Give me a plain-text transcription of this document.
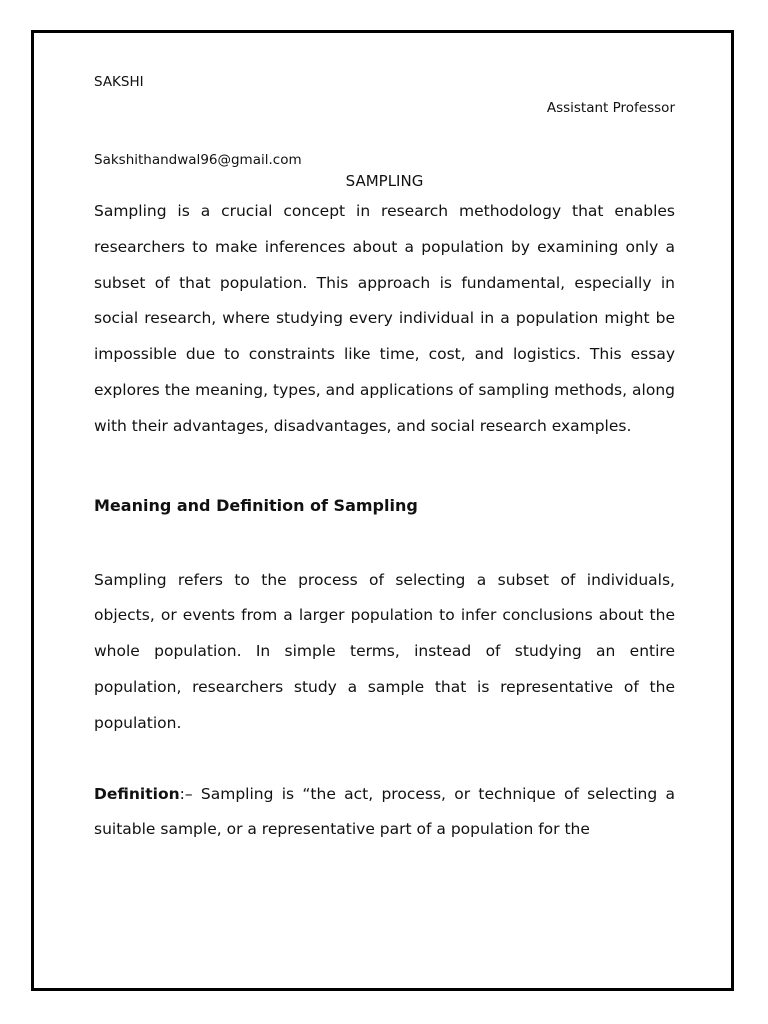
SAKSHI

Assistant Professor

Sakshithandwal96@gmail.com

SAMPLING

Sampling is a crucial concept in research methodology that enables researchers to make inferences about a population by examining only a subset of that population. This approach is fundamental, especially in social research, where studying every individual in a population might be impossible due to constraints like time, cost, and logistics. This essay explores the meaning, types, and applications of sampling methods, along with their advantages, disadvantages, and social research examples.

Meaning and Definition of Sampling

Sampling refers to the process of selecting a subset of individuals, objects, or events from a larger population to infer conclusions about the whole population. In simple terms, instead of studying an entire population, researchers study a sample that is representative of the population.

Definition:– Sampling is “the act, process, or technique of selecting a suitable sample, or a representative part of a population for the
